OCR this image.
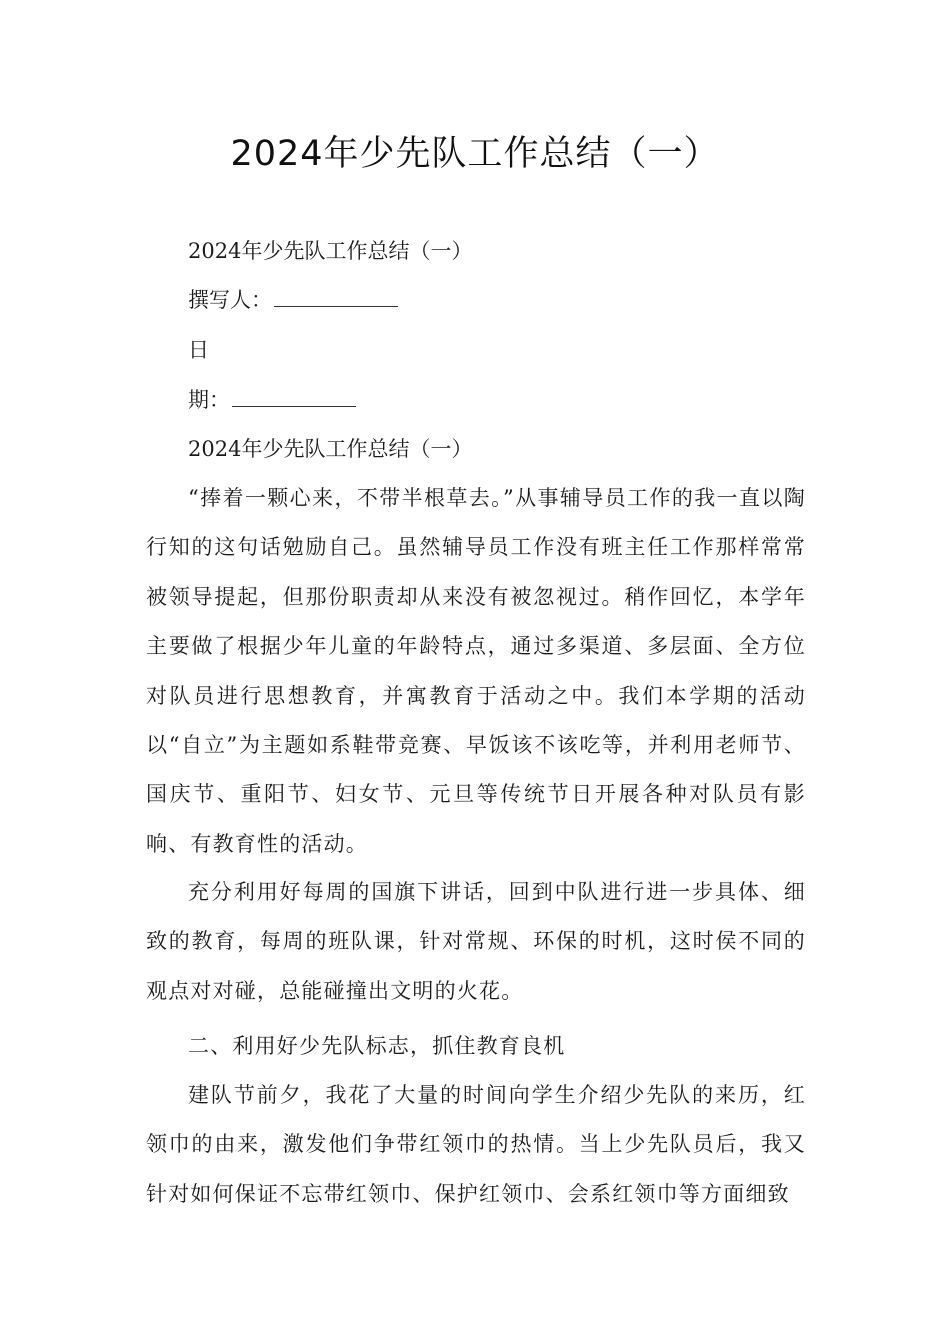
2024年少先队工作总结（一）
2024年少先队工作总结（一）
撰写人：
日
期：
2024年少先队工作总结（一）
“捧着一颗心来，不带半根草去。”从事辅导员工作的我一直以陶行知的这句话勉励自己。虽然辅导员工作没有班主任工作那样常常被领导提起，但那份职责却从来没有被忽视过。稍作回忆，本学年主要做了根据少年儿童的年龄特点，通过多渠道、多层面、全方位对队员进行思想教育，并寓教育于活动之中。我们本学期的活动以“自立”为主题如系鞋带竞赛、早饭该不该吃等，并利用老师节、国庆节、重阳节、妇女节、元旦等传统节日开展各种对队员有影响、有教育性的活动。
充分利用好每周的国旗下讲话，回到中队进行进一步具体、细致的教育，每周的班队课，针对常规、环保的时机，这时侯不同的观点对对碰，总能碰撞出文明的火花。
二、利用好少先队标志，抓住教育良机
建队节前夕，我花了大量的时间向学生介绍少先队的来历，红领巾的由来，激发他们争带红领巾的热情。当上少先队员后，我又针对如何保证不忘带红领巾、保护红领巾、会系红领巾等方面细致
